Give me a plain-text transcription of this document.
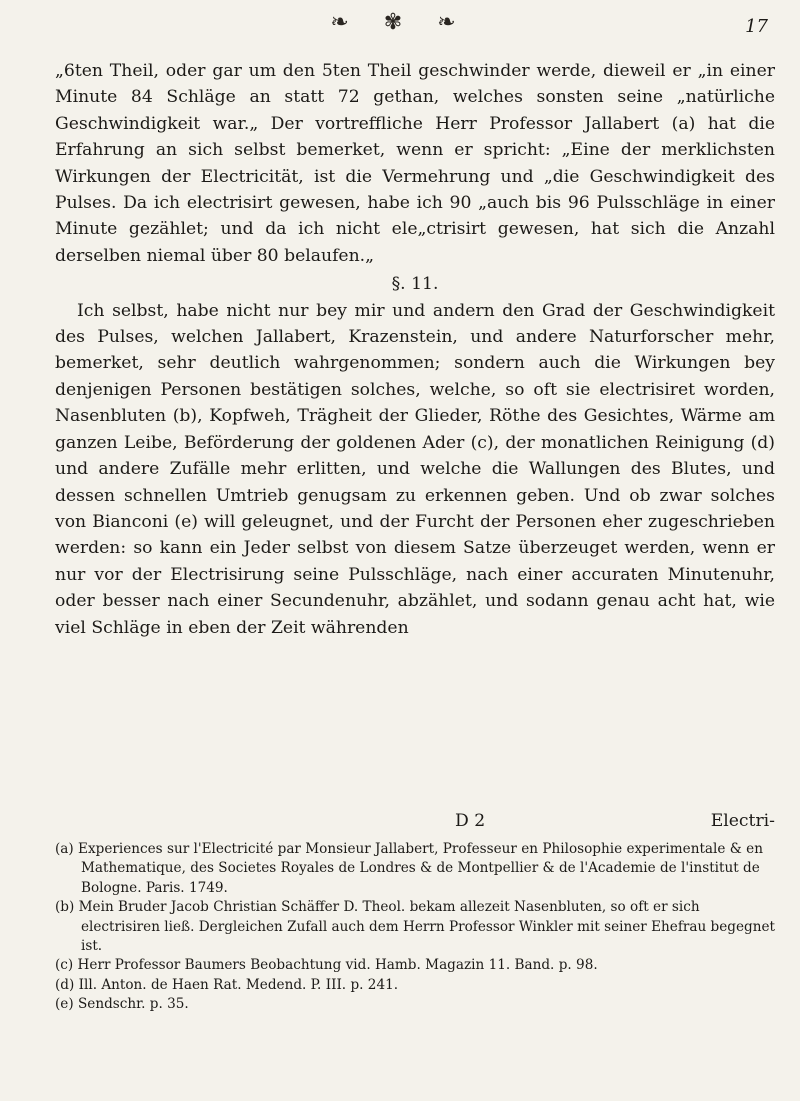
❧ ✾ ❧	17

„6ten Theil, oder gar um den 5ten Theil geschwinder werde, dieweil er „in einer Minute 84 Schläge an statt 72 gethan, welches sonsten seine „natürliche Geschwindigkeit war.„ Der vortreffliche Herr Professor Jallabert (a) hat die Erfahrung an sich selbst bemerket, wenn er spricht: „Eine der merklichsten Wirkungen der Electricität, ist die Vermehrung und „die Geschwindigkeit des Pulses. Da ich electrisirt gewesen, habe ich 90 „auch bis 96 Pulsschläge in einer Minute gezählet; und da ich nicht ele„ctrisirt gewesen, hat sich die Anzahl derselben niemal über 80 belaufen.„

§. 11.

Ich selbst, habe nicht nur bey mir und andern den Grad der Geschwindigkeit des Pulses, welchen Jallabert, Krazenstein, und andere Naturforscher mehr, bemerket, sehr deutlich wahrgenommen; sondern auch die Wirkungen bey denjenigen Personen bestätigen solches, welche, so oft sie electrisiret worden, Nasenbluten (b), Kopfweh, Trägheit der Glieder, Röthe des Gesichtes, Wärme am ganzen Leibe, Beförderung der goldenen Ader (c), der monatlichen Reinigung (d) und andere Zufälle mehr erlitten, und welche die Wallungen des Blutes, und dessen schnellen Umtrieb genugsam zu erkennen geben. Und ob zwar solches von Bianconi (e) will geleugnet, und der Furcht der Personen eher zugeschrieben werden: so kann ein Jeder selbst von diesem Satze überzeuget werden, wenn er nur vor der Electrisirung seine Pulsschläge, nach einer accuraten Minutenuhr, oder besser nach einer Secundenuhr, abzählet, und sodann genau acht hat, wie viel Schläge in eben der Zeit währenden

D 2	Electri-

(a) Experiences sur l'Electricité par Monsieur Jallabert, Professeur en Philosophie experimentale & en Mathematique, des Societes Royales de Londres & de Montpellier & de l'Academie de l'institut de Bologne. Paris. 1749.

(b) Mein Bruder Jacob Christian Schäffer D. Theol. bekam allezeit Nasenbluten, so oft er sich electrisiren ließ. Dergleichen Zufall auch dem Herrn Professor Winkler mit seiner Ehefrau begegnet ist.

(c) Herr Professor Baumers Beobachtung vid. Hamb. Magazin 11. Band. p. 98.

(d) Ill. Anton. de Haen Rat. Medend. P. III. p. 241.

(e) Sendschr. p. 35.
